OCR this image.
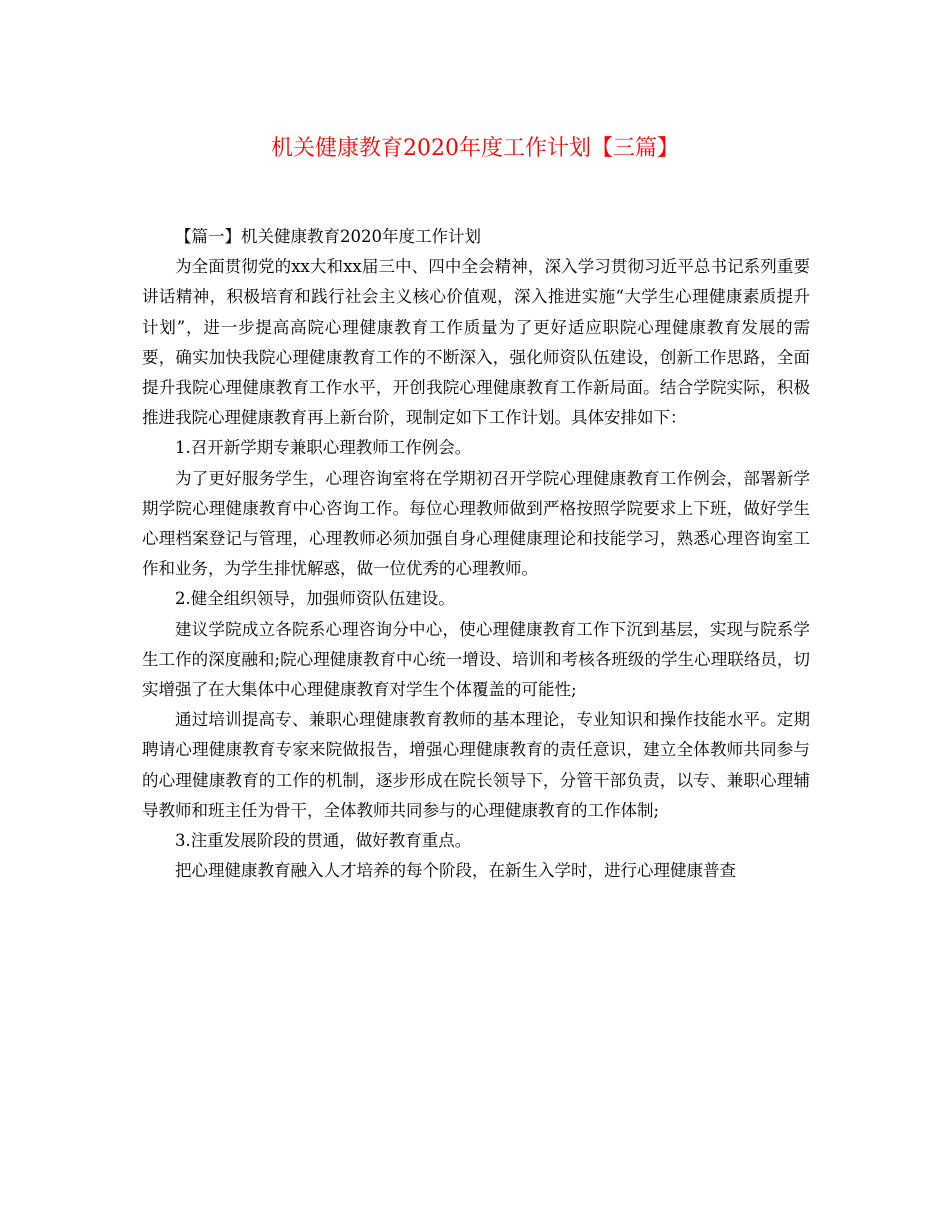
机关健康教育2020年度工作计划【三篇】

【篇一】机关健康教育2020年度工作计划

为全面贯彻党的xx大和xx届三中、四中全会精神，深入学习贯彻习近平总书记系列重要讲话精神，积极培育和践行社会主义核心价值观，深入推进实施“大学生心理健康素质提升计划”，进一步提高高院心理健康教育工作质量为了更好适应职院心理健康教育发展的需要，确实加快我院心理健康教育工作的不断深入，强化师资队伍建设，创新工作思路，全面提升我院心理健康教育工作水平，开创我院心理健康教育工作新局面。结合学院实际，积极推进我院心理健康教育再上新台阶，现制定如下工作计划。具体安排如下：

1.召开新学期专兼职心理教师工作例会。

为了更好服务学生，心理咨询室将在学期初召开学院心理健康教育工作例会，部署新学期学院心理健康教育中心咨询工作。每位心理教师做到严格按照学院要求上下班，做好学生心理档案登记与管理，心理教师必须加强自身心理健康理论和技能学习，熟悉心理咨询室工作和业务，为学生排忧解惑，做一位优秀的心理教师。

2.健全组织领导，加强师资队伍建设。

建议学院成立各院系心理咨询分中心，使心理健康教育工作下沉到基层，实现与院系学生工作的深度融和;院心理健康教育中心统一增设、培训和考核各班级的学生心理联络员，切实增强了在大集体中心理健康教育对学生个体覆盖的可能性;

通过培训提高专、兼职心理健康教育教师的基本理论，专业知识和操作技能水平。定期聘请心理健康教育专家来院做报告，增强心理健康教育的责任意识，建立全体教师共同参与的心理健康教育的工作的机制，逐步形成在院长领导下，分管干部负责，以专、兼职心理辅导教师和班主任为骨干，全体教师共同参与的心理健康教育的工作体制;

3.注重发展阶段的贯通，做好教育重点。

把心理健康教育融入人才培养的每个阶段，在新生入学时，进行心理健康普查
